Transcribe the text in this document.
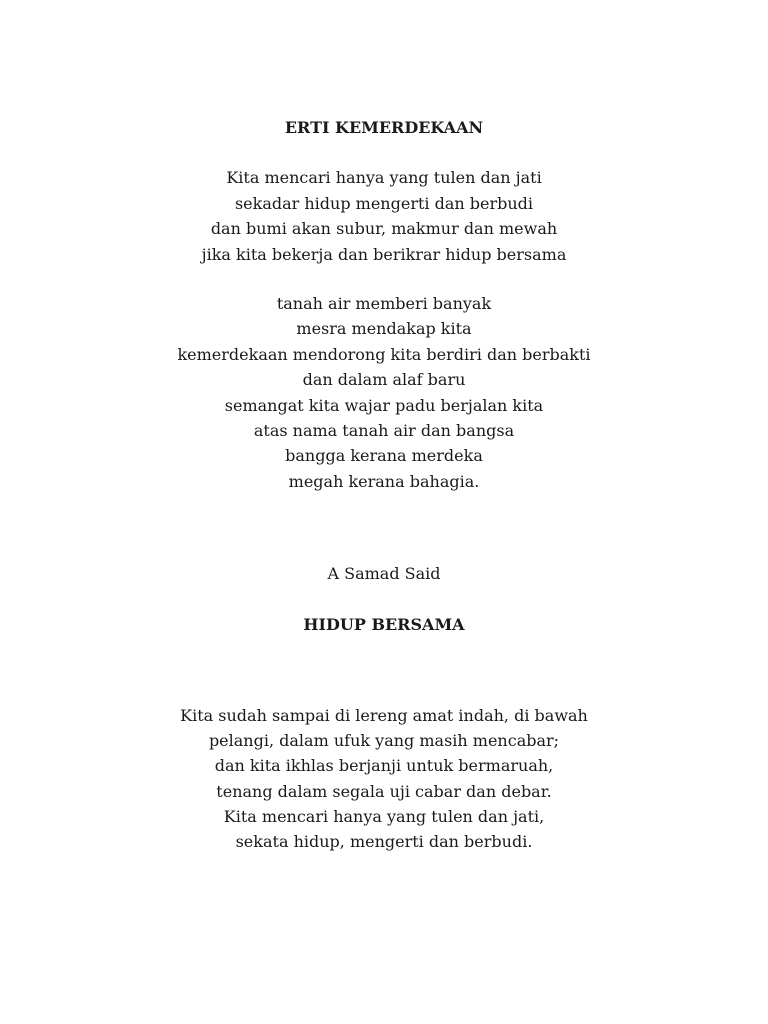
ERTI KEMERDEKAAN
Kita mencari hanya yang tulen dan jati
sekadar hidup mengerti dan berbudi
dan bumi akan subur, makmur dan mewah
jika kita bekerja dan berikrar hidup bersama
tanah air memberi banyak
mesra mendakap kita
kemerdekaan mendorong kita berdiri dan berbakti
dan dalam alaf baru
semangat kita wajar padu berjalan kita
atas nama tanah air dan bangsa
bangga kerana merdeka
megah kerana bahagia.

A Samad Said

HIDUP BERSAMA
Kita sudah sampai di lereng amat indah, di bawah
pelangi, dalam ufuk yang masih mencabar;
dan kita ikhlas berjanji untuk bermaruah,
tenang dalam segala uji cabar dan debar.
Kita mencari hanya yang tulen dan jati,
sekata hidup, mengerti dan berbudi.
